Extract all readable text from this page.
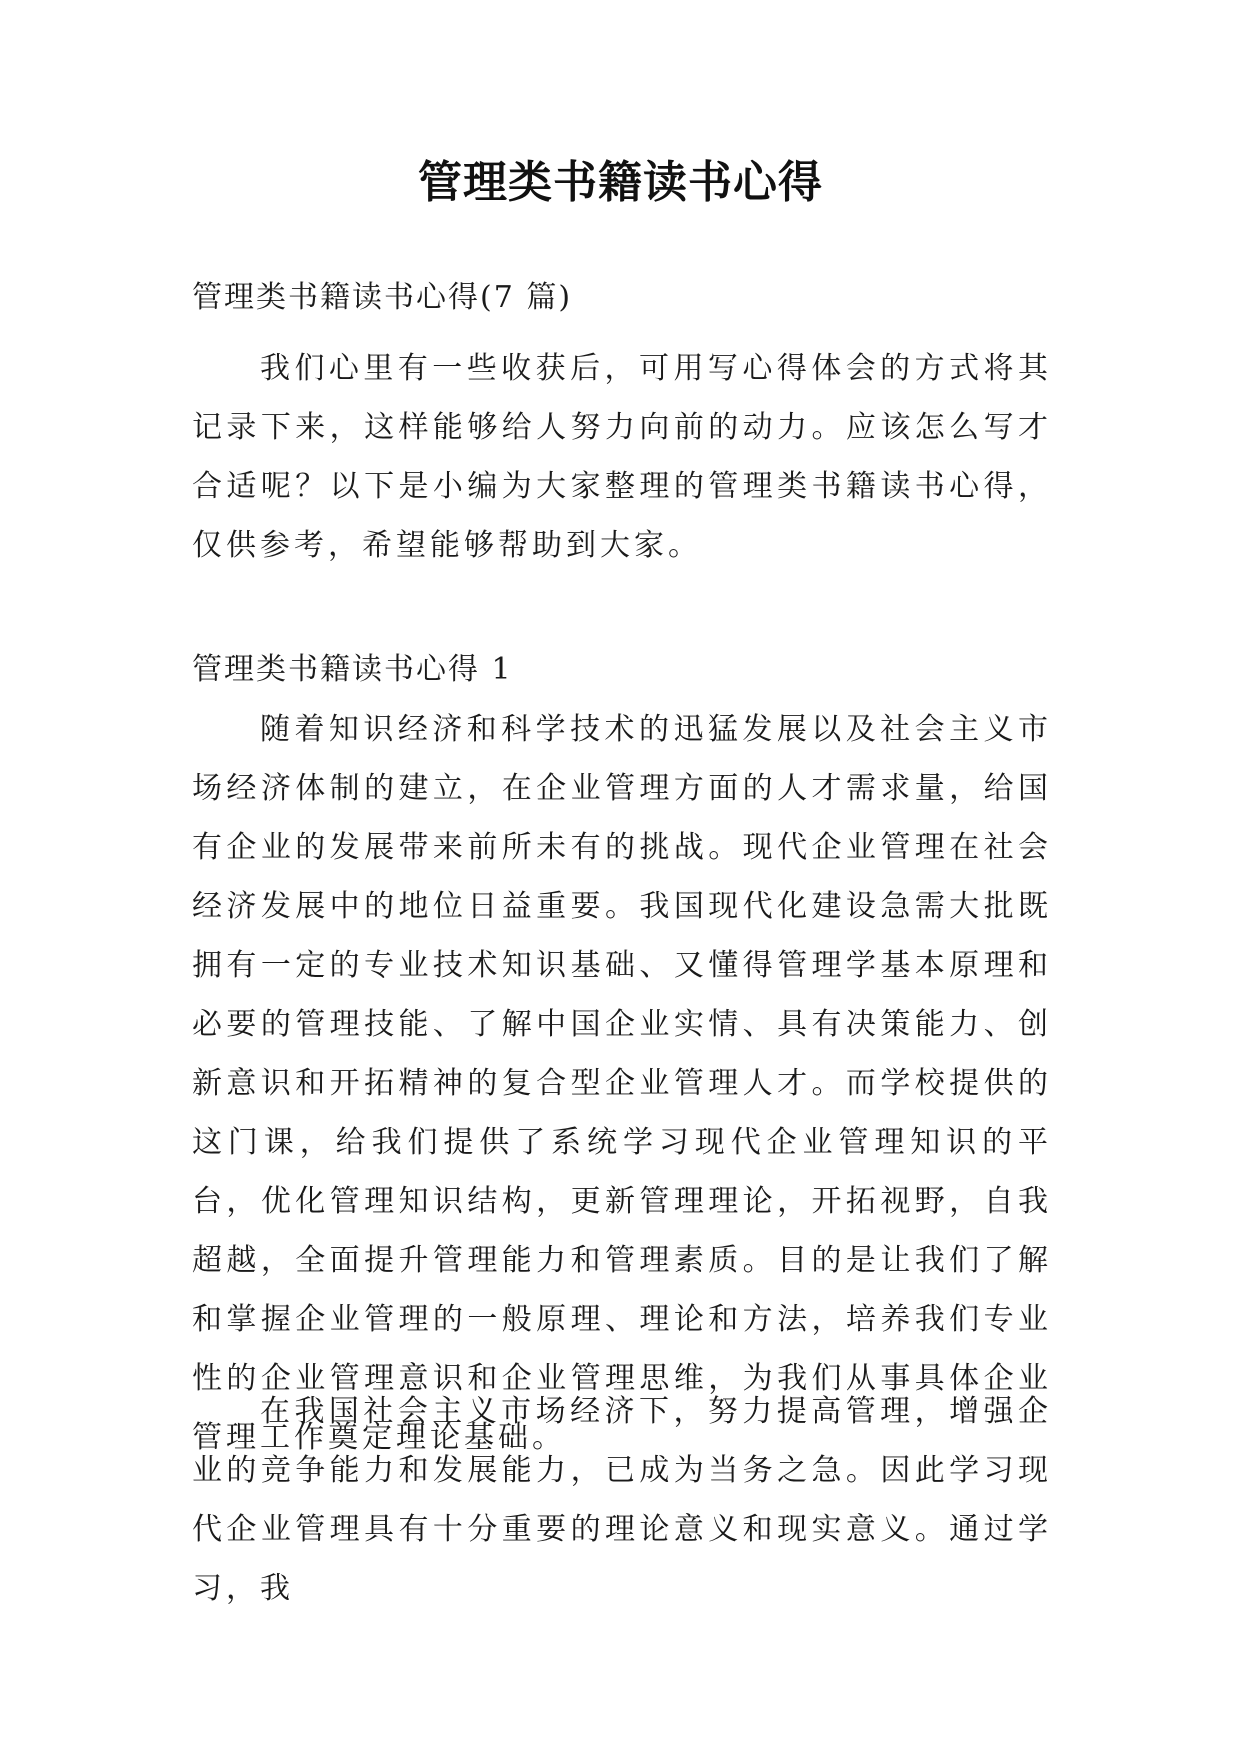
管理类书籍读书心得
管理类书籍读书心得(7 篇)

我们心里有一些收获后，可用写心得体会的方式将其记录下来，这样能够给人努力向前的动力。应该怎么写才合适呢？以下是小编为大家整理的管理类书籍读书心得，仅供参考，希望能够帮助到大家。

管理类书籍读书心得 1

随着知识经济和科学技术的迅猛发展以及社会主义市场经济体制的建立，在企业管理方面的人才需求量，给国有企业的发展带来前所未有的挑战。现代企业管理在社会经济发展中的地位日益重要。我国现代化建设急需大批既拥有一定的专业技术知识基础、又懂得管理学基本原理和必要的管理技能、了解中国企业实情、具有决策能力、创新意识和开拓精神的复合型企业管理人才。而学校提供的这门课，给我们提供了系统学习现代企业管理知识的平台，优化管理知识结构，更新管理理论，开拓视野，自我超越，全面提升管理能力和管理素质。目的是让我们了解和掌握企业管理的一般原理、理论和方法，培养我们专业性的企业管理意识和企业管理思维，为我们从事具体企业管理工作奠定理论基础。

在我国社会主义市场经济下，努力提高管理，增强企业的竞争能力和发展能力，已成为当务之急。因此学习现代企业管理具有十分重要的理论意义和现实意义。通过学习，我
